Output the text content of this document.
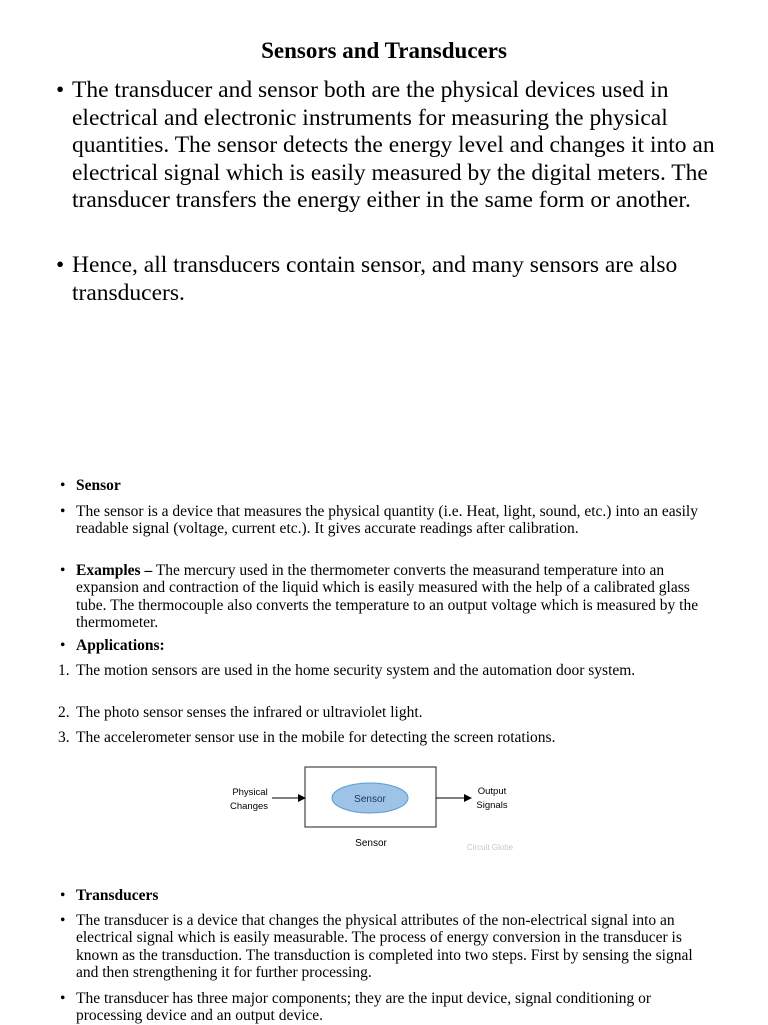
Sensors and Transducers
• The transducer and sensor both are the physical devices used in electrical and electronic instruments for measuring the physical quantities. The sensor detects the energy level and changes it into an electrical signal which is easily measured by the digital meters. The transducer transfers the energy either in the same form or another.
• Hence, all transducers contain sensor, and many sensors are also transducers.
• Sensor
• The sensor is a device that measures the physical quantity (i.e. Heat, light, sound, etc.) into an easily readable signal (voltage, current etc.). It gives accurate readings after calibration.
• Examples – The mercury used in the thermometer converts the measurand temperature into an expansion and contraction of the liquid which is easily measured with the help of a calibrated glass tube. The thermocouple also converts the temperature to an output voltage which is measured by the thermometer.
• Applications:
1. The motion sensors are used in the home security system and the automation door system.
2. The photo sensor senses the infrared or ultraviolet light.
3. The accelerometer sensor use in the mobile for detecting the screen rotations.
Sensor
Physical
Changes
Output
Signals
Sensor	Circuit Globe
• Transducers
• The transducer is a device that changes the physical attributes of the non-electrical signal into an electrical signal which is easily measurable. The process of energy conversion in the transducer is known as the transduction. The transduction is completed into two steps. First by sensing the signal and then strengthening it for further processing.
• The transducer has three major components; they are the input device, signal conditioning or processing device and an output device.
